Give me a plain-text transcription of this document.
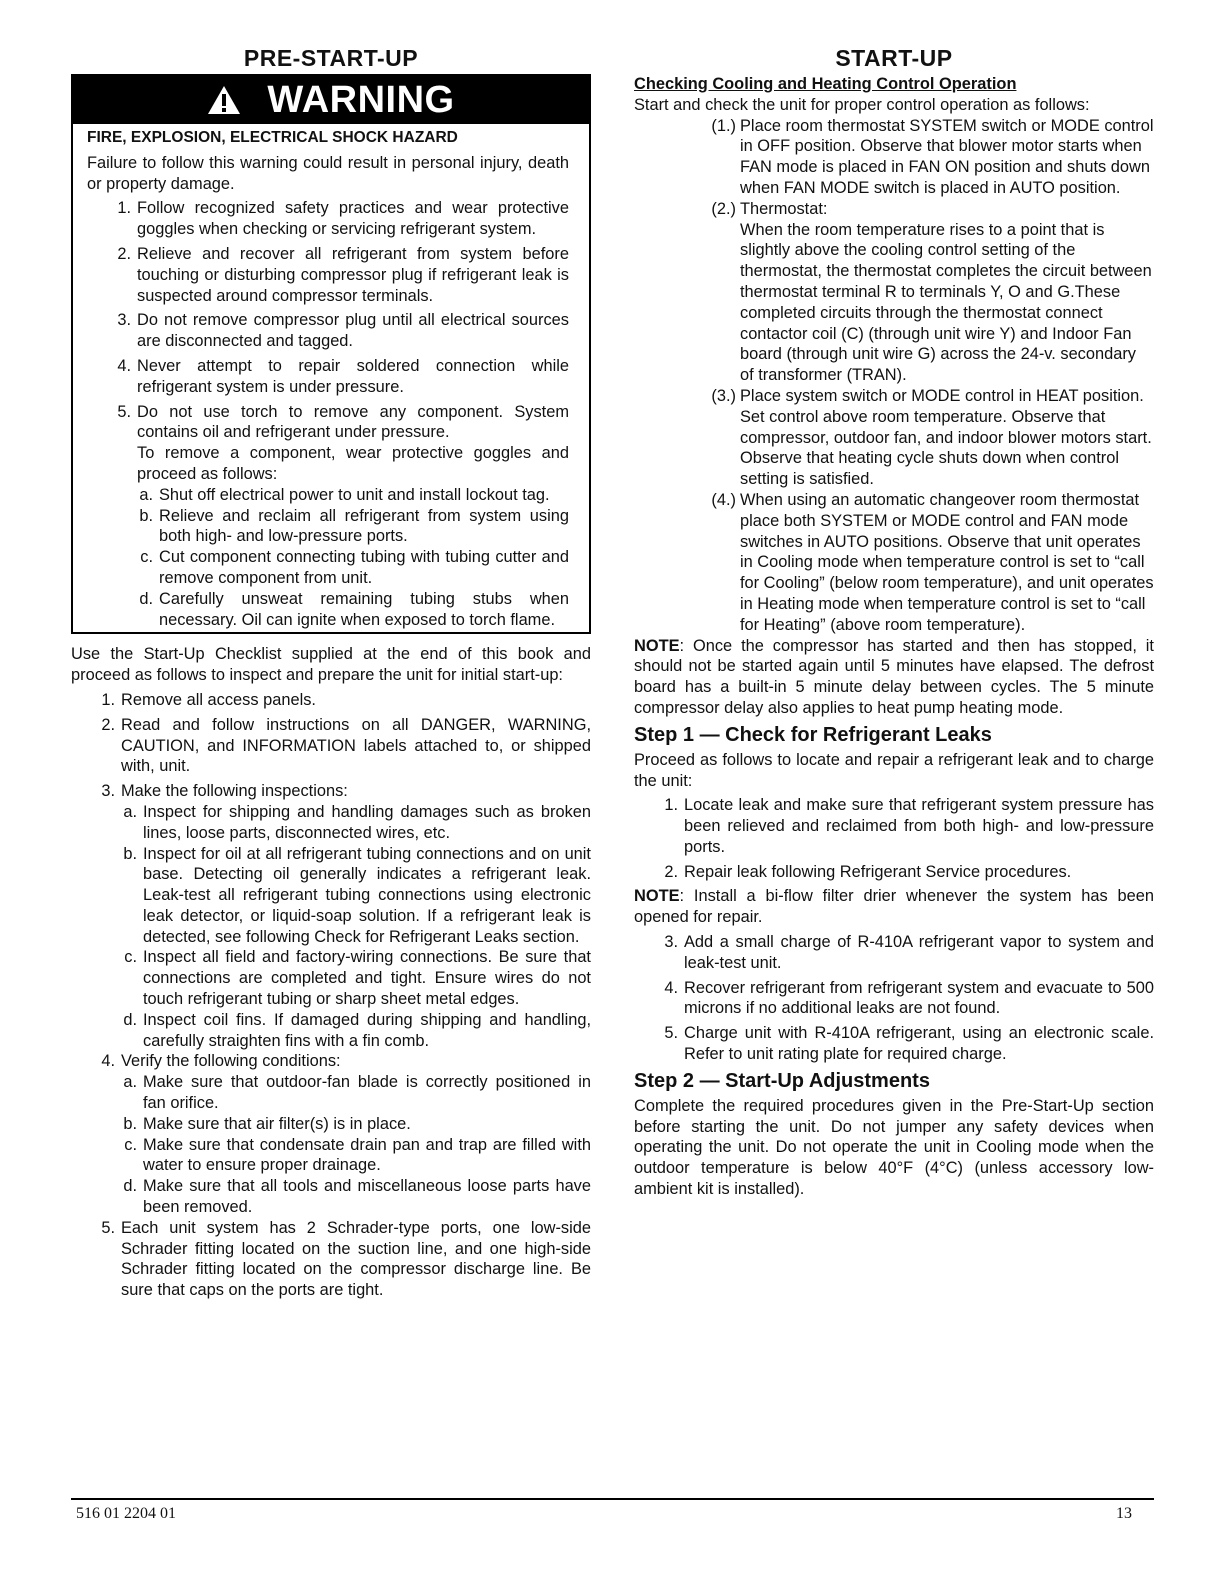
PRE-START-UP
WARNING
FIRE, EXPLOSION, ELECTRICAL SHOCK HAZARD

Failure to follow this warning could result in personal injury, death or property damage.

1. Follow recognized safety practices and wear protective goggles when checking or servicing refrigerant system.
2. Relieve and recover all refrigerant from system before touching or disturbing compressor plug if refrigerant leak is suspected around compressor terminals.
3. Do not remove compressor plug until all electrical sources are disconnected and tagged.
4. Never attempt to repair soldered connection while refrigerant system is under pressure.
5. Do not use torch to remove any component. System contains oil and refrigerant under pressure.
To remove a component, wear protective goggles and proceed as follows:
a. Shut off electrical power to unit and install lockout tag.
b. Relieve and reclaim all refrigerant from system using both high- and low-pressure ports.
c. Cut component connecting tubing with tubing cutter and remove component from unit.
d. Carefully unsweat remaining tubing stubs when necessary. Oil can ignite when exposed to torch flame.

Use the Start-Up Checklist supplied at the end of this book and proceed as follows to inspect and prepare the unit for initial start-up:

1. Remove all access panels.
2. Read and follow instructions on all DANGER, WARNING, CAUTION, and INFORMATION labels attached to, or shipped with, unit.
3. Make the following inspections:
a. Inspect for shipping and handling damages such as broken lines, loose parts, disconnected wires, etc.
b. Inspect for oil at all refrigerant tubing connections and on unit base. Detecting oil generally indicates a refrigerant leak. Leak-test all refrigerant tubing connections using electronic leak detector, or liquid-soap solution. If a refrigerant leak is detected, see following Check for Refrigerant Leaks section.
c. Inspect all field and factory-wiring connections. Be sure that connections are completed and tight. Ensure wires do not touch refrigerant tubing or sharp sheet metal edges.
d. Inspect coil fins. If damaged during shipping and handling, carefully straighten fins with a fin comb.
4. Verify the following conditions:
a. Make sure that outdoor-fan blade is correctly positioned in fan orifice.
b. Make sure that air filter(s) is in place.
c. Make sure that condensate drain pan and trap are filled with water to ensure proper drainage.
d. Make sure that all tools and miscellaneous loose parts have been removed.
5. Each unit system has 2 Schrader-type ports, one low-side Schrader fitting located on the suction line, and one high-side Schrader fitting located on the compressor discharge line. Be sure that caps on the ports are tight.
START-UP
Checking Cooling and Heating Control Operation

Start and check the unit for proper control operation as follows:

(1.) Place room thermostat SYSTEM switch or MODE control in OFF position. Observe that blower motor starts when FAN mode is placed in FAN ON position and shuts down when FAN MODE switch is placed in AUTO position.
(2.) Thermostat:
When the room temperature rises to a point that is slightly above the cooling control setting of the thermostat, the thermostat completes the circuit between thermostat terminal R to terminals Y, O and G.These completed circuits through the thermostat connect contactor coil (C) (through unit wire Y) and Indoor Fan board (through unit wire G) across the 24-v. secondary of transformer (TRAN).
(3.) Place system switch or MODE control in HEAT position. Set control above room temperature. Observe that compressor, outdoor fan, and indoor blower motors start. Observe that heating cycle shuts down when control setting is satisfied.
(4.) When using an automatic changeover room thermostat place both SYSTEM or MODE control and FAN mode switches in AUTO positions. Observe that unit operates in Cooling mode when temperature control is set to “call for Cooling” (below room temperature), and unit operates in Heating mode when temperature control is set to “call for Heating” (above room temperature).

NOTE: Once the compressor has started and then has stopped, it should not be started again until 5 minutes have elapsed. The defrost board has a built-in 5 minute delay between cycles. The 5 minute compressor delay also applies to heat pump heating mode.

Step 1 — Check for Refrigerant Leaks

Proceed as follows to locate and repair a refrigerant leak and to charge the unit:

1. Locate leak and make sure that refrigerant system pressure has been relieved and reclaimed from both high- and low-pressure ports.
2. Repair leak following Refrigerant Service procedures.

NOTE: Install a bi-flow filter drier whenever the system has been opened for repair.

3. Add a small charge of R-410A refrigerant vapor to system and leak-test unit.
4. Recover refrigerant from refrigerant system and evacuate to 500 microns if no additional leaks are not found.
5. Charge unit with R-410A refrigerant, using an electronic scale. Refer to unit rating plate for required charge.
Step 2 — Start-Up Adjustments

Complete the required procedures given in the Pre-Start-Up section before starting the unit. Do not jumper any safety devices when operating the unit. Do not operate the unit in Cooling mode when the outdoor temperature is below 40°F (4°C) (unless accessory low-ambient kit is installed).

516 01 2204 01	13
